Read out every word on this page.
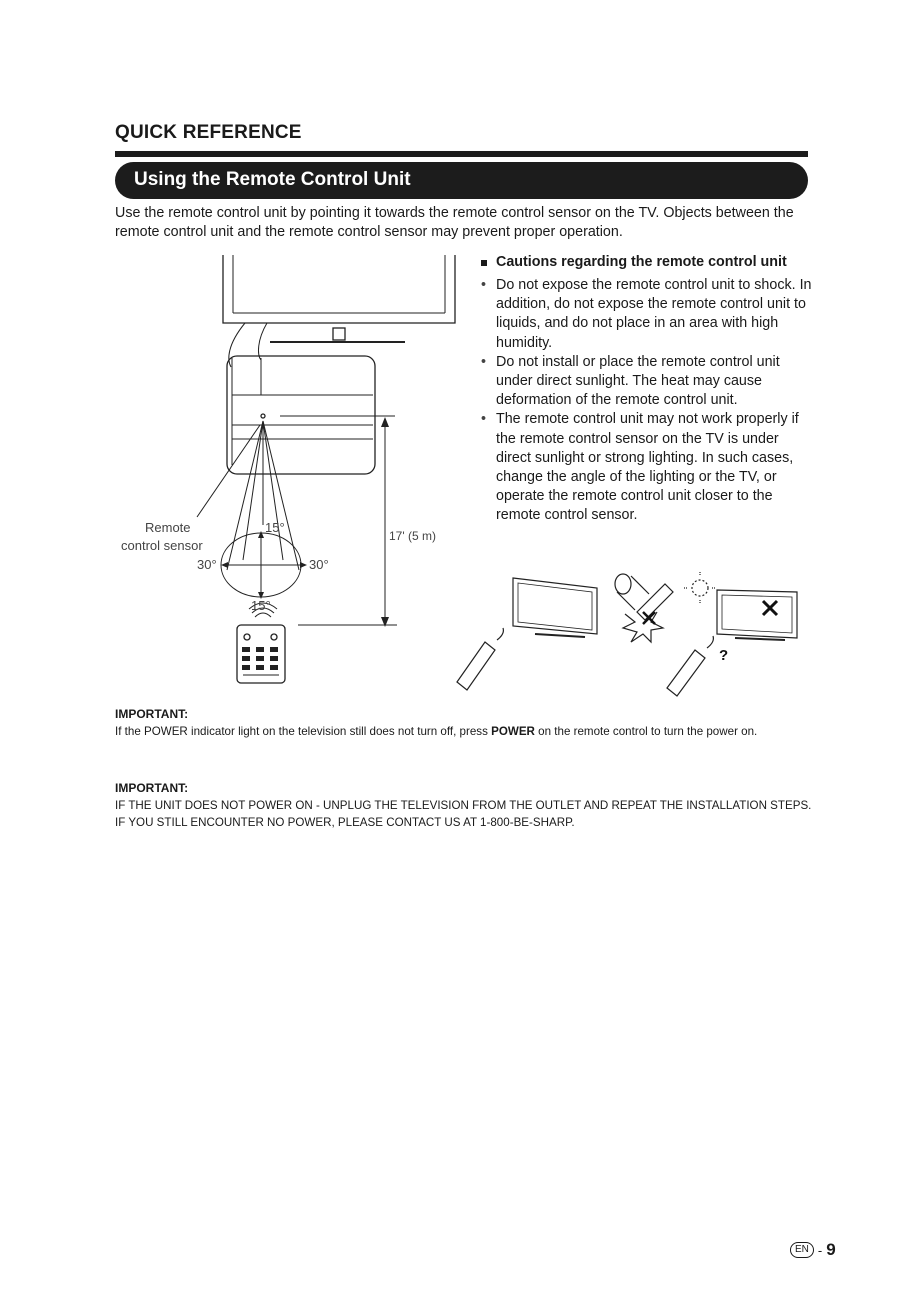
QUICK REFERENCE
Using the Remote Control Unit

Use the remote control unit by pointing it towards the remote control sensor on the TV. Objects between the remote control unit and the remote control sensor may prevent proper operation.

Remote
control sensor
15°
30°	30°
15°
17' (5 m)
Cautions regarding the remote control unit
• Do not expose the remote control unit to shock. In addition, do not expose the remote control unit to liquids, and do not place in an area with high humidity.
• Do not install or place the remote control unit under direct sunlight. The heat may cause deformation of the remote control unit.
• The remote control unit may not work properly if the remote control sensor on the TV is under direct sunlight or strong lighting. In such cases, change the angle of the lighting or the TV, or operate the remote control unit closer to the remote control sensor.
?
IMPORTANT:
If the POWER indicator light on the television still does not turn off, press POWER on the remote control to turn the power on.
IMPORTANT:
IF THE UNIT DOES NOT POWER ON - UNPLUG THE TELEVISION FROM THE OUTLET AND REPEAT THE INSTALLATION STEPS.
IF YOU STILL ENCOUNTER NO POWER, PLEASE CONTACT US AT 1-800-BE-SHARP.
EN - 9
